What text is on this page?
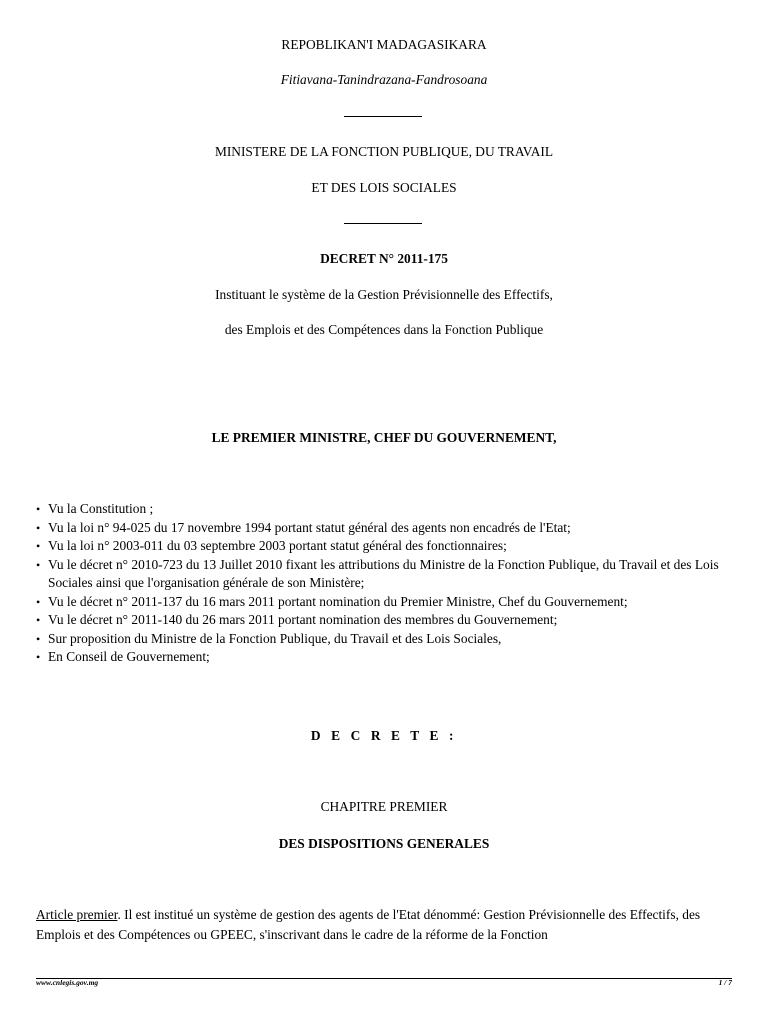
REPOBLIKAN'I MADAGASIKARA
Fitiavana-Tanindrazana-Fandrosoana
MINISTERE DE LA FONCTION PUBLIQUE, DU TRAVAIL
ET DES LOIS SOCIALES
DECRET N° 2011-175
Instituant le système de la Gestion Prévisionnelle des Effectifs,
des Emplois et des Compétences dans la Fonction Publique
LE PREMIER MINISTRE, CHEF DU GOUVERNEMENT,
• Vu la Constitution ;
• Vu la loi n° 94-025 du 17 novembre 1994 portant statut général des agents non encadrés de l'Etat;
• Vu la loi n° 2003-011 du 03 septembre 2003 portant statut général des fonctionnaires;
• Vu le décret n° 2010-723 du 13 Juillet 2010 fixant les attributions du Ministre de la Fonction Publique, du Travail et des Lois Sociales ainsi que l'organisation générale de son Ministère;
• Vu le décret n° 2011-137 du 16 mars 2011 portant nomination du Premier Ministre, Chef du Gouvernement;
• Vu le décret n° 2011-140 du 26 mars 2011 portant nomination des membres du Gouvernement;
• Sur proposition du Ministre de la Fonction Publique, du Travail et des Lois Sociales,
• En Conseil de Gouvernement;
D E C R E T E :
CHAPITRE PREMIER
DES DISPOSITIONS GENERALES
Article premier. Il est institué un système de gestion des agents de l'Etat dénommé: Gestion Prévisionnelle des Effectifs, des Emplois et des Compétences ou GPEEC, s'inscrivant dans le cadre de la réforme de la Fonction
www.cnlegis.gov.mg	1 / 7
